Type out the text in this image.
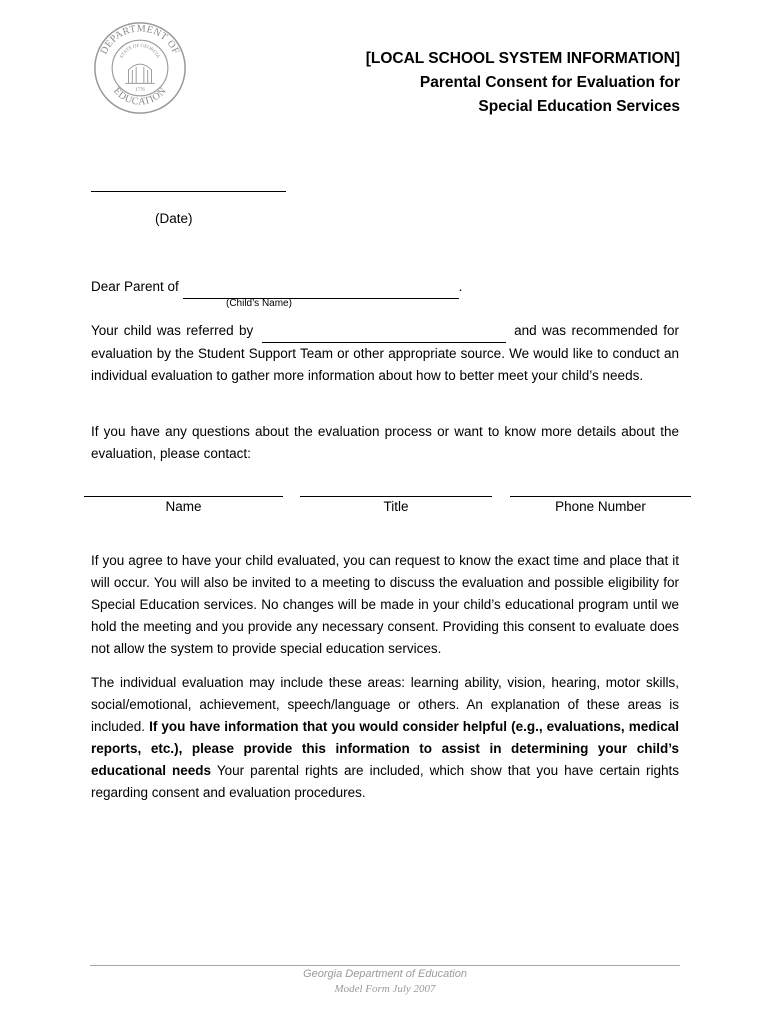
DEPARTMENT OF
EDUCATION
STATE OF GEORGIA
1776
[LOCAL SCHOOL SYSTEM INFORMATION]
Parental Consent for Evaluation for
Special Education Services
(Date)
Dear Parent of	.
(Child’s Name)
Your child was referred by	and was recommended for evaluation by the Student Support Team or other appropriate source. We would like to conduct an individual evaluation to gather more information about how to better meet your child’s needs.
If you have any questions about the evaluation process or want to know more details about the evaluation, please contact:
Name	Title	Phone Number
If you agree to have your child evaluated, you can request to know the exact time and place that it will occur. You will also be invited to a meeting to discuss the evaluation and possible eligibility for Special Education services. No changes will be made in your child’s educational program until we hold the meeting and you provide any necessary consent. Providing this consent to evaluate does not allow the system to provide special education services.
The individual evaluation may include these areas: learning ability, vision, hearing, motor skills, social/emotional, achievement, speech/language or others. An explanation of these areas is included. If you have information that you would consider helpful (e.g., evaluations, medical reports, etc.), please provide this information to assist in determining your child’s educational needs Your parental rights are included, which show that you have certain rights regarding consent and evaluation procedures.
Georgia Department of Education
Model Form July 2007
